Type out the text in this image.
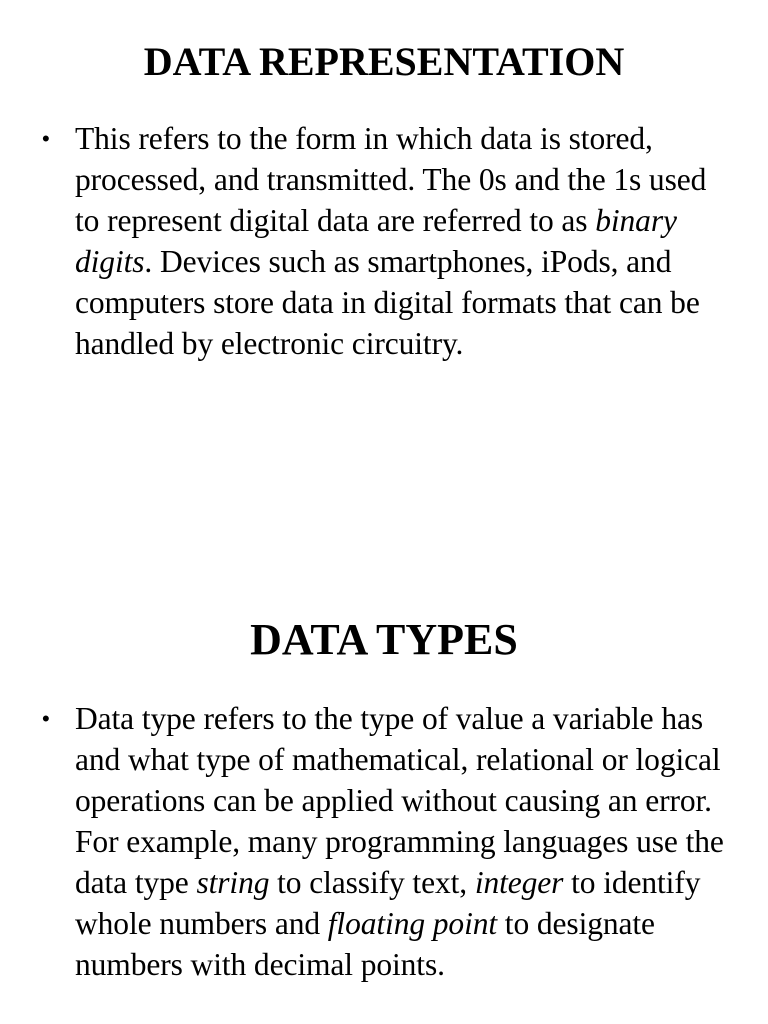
DATA REPRESENTATION
• This refers to the form in which data is stored, processed, and transmitted. The 0s and the 1s used to represent digital data are referred to as binary digits. Devices such as smartphones, iPods, and computers store data in digital formats that can be handled by electronic circuitry.

DATA TYPES
• Data type refers to the type of value a variable has and what type of mathematical, relational or logical operations can be applied without causing an error. For example, many programming languages use the data type string to classify text, integer to identify whole numbers and floating point to designate numbers with decimal points.
